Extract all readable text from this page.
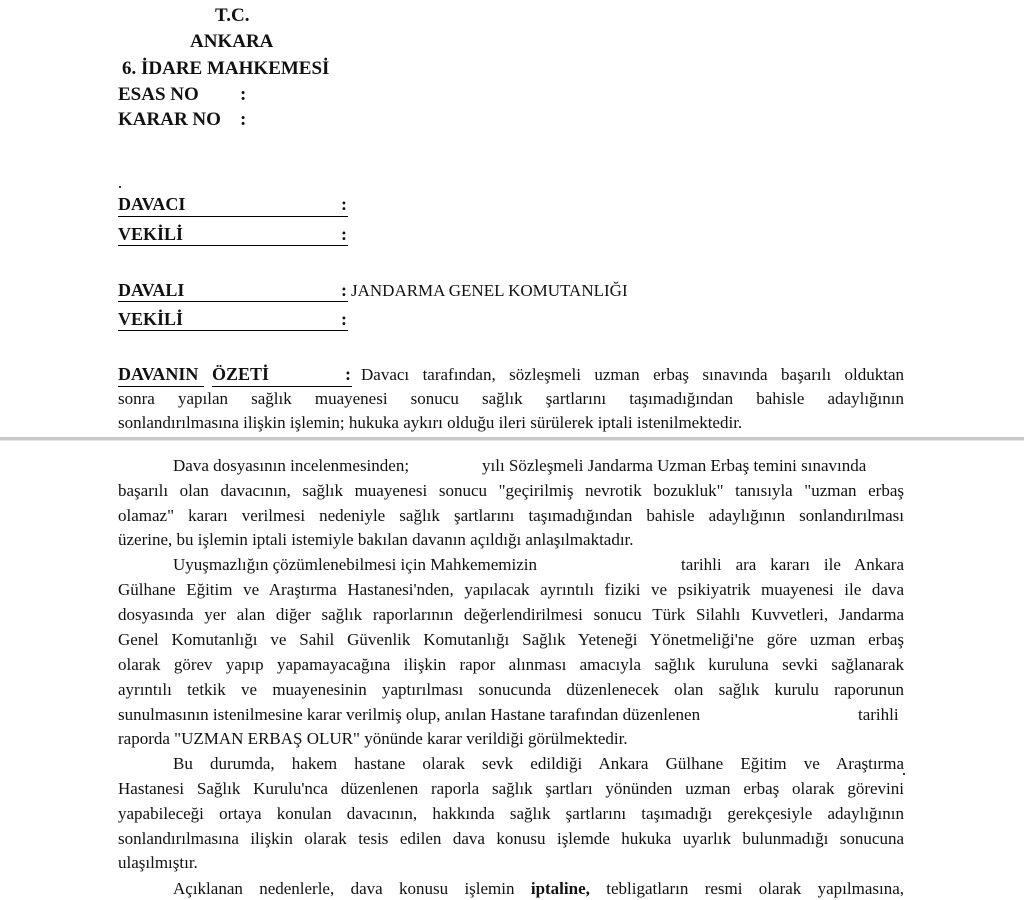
T.C.
ANKARA
6. İDARE MAHKEMESİ
ESAS NO :
KARAR NO :
DAVACI	:
VEKİLİ	:
DAVALI	: JANDARMA GENEL KOMUTANLIĞI
VEKİLİ	:
DAVANIN ÖZETİ	: Davacı tarafından, sözleşmeli uzman erbaş sınavında başarılı olduktan
sonra yapılan sağlık muayenesi sonucu sağlık şartlarını taşımadığından bahisle adaylığının
sonlandırılmasına ilişkin işlemin; hukuka aykırı olduğu ileri sürülerek iptali istenilmektedir.
Dava dosyasının incelenmesinden;	yılı Sözleşmeli Jandarma Uzman Erbaş temini sınavında
başarılı olan davacının, sağlık muayenesi sonucu "geçirilmiş nevrotik bozukluk" tanısıyla "uzman erbaş
olamaz" kararı verilmesi nedeniyle sağlık şartlarını taşımadığından bahisle adaylığının sonlandırılması
üzerine, bu işlemin iptali istemiyle bakılan davanın açıldığı anlaşılmaktadır.
Uyuşmazlığın çözümlenebilmesi için Mahkememizin	tarihli ara kararı ile Ankara
Gülhane Eğitim ve Araştırma Hastanesi'nden, yapılacak ayrıntılı fiziki ve psikiyatrik muayenesi ile dava
dosyasında yer alan diğer sağlık raporlarının değerlendirilmesi sonucu Türk Silahlı Kuvvetleri, Jandarma
Genel Komutanlığı ve Sahil Güvenlik Komutanlığı Sağlık Yeteneği Yönetmeliği'ne göre uzman erbaş
olarak görev yapıp yapamayacağına ilişkin rapor alınması amacıyla sağlık kuruluna sevki sağlanarak
ayrıntılı tetkik ve muayenesinin yaptırılması sonucunda düzenlenecek olan sağlık kurulu raporunun
sunulmasının istenilmesine karar verilmiş olup, anılan Hastane tarafından düzenlenen	tarihli
raporda "UZMAN ERBAŞ OLUR" yönünde karar verildiği görülmektedir.
Bu durumda, hakem hastane olarak sevk edildiği Ankara Gülhane Eğitim ve Araştırma
Hastanesi Sağlık Kurulu'nca düzenlenen raporla sağlık şartları yönünden uzman erbaş olarak görevini
yapabileceği ortaya konulan davacının, hakkında sağlık şartlarını taşımadığı gerekçesiyle adaylığının
sonlandırılmasına ilişkin olarak tesis edilen dava konusu işlemde hukuka uyarlık bulunmadığı sonucuna
ulaşılmıştır.
Açıklanan nedenlerle, dava konusu işlemin iptaline, tebligatların resmi olarak yapılmasına,
